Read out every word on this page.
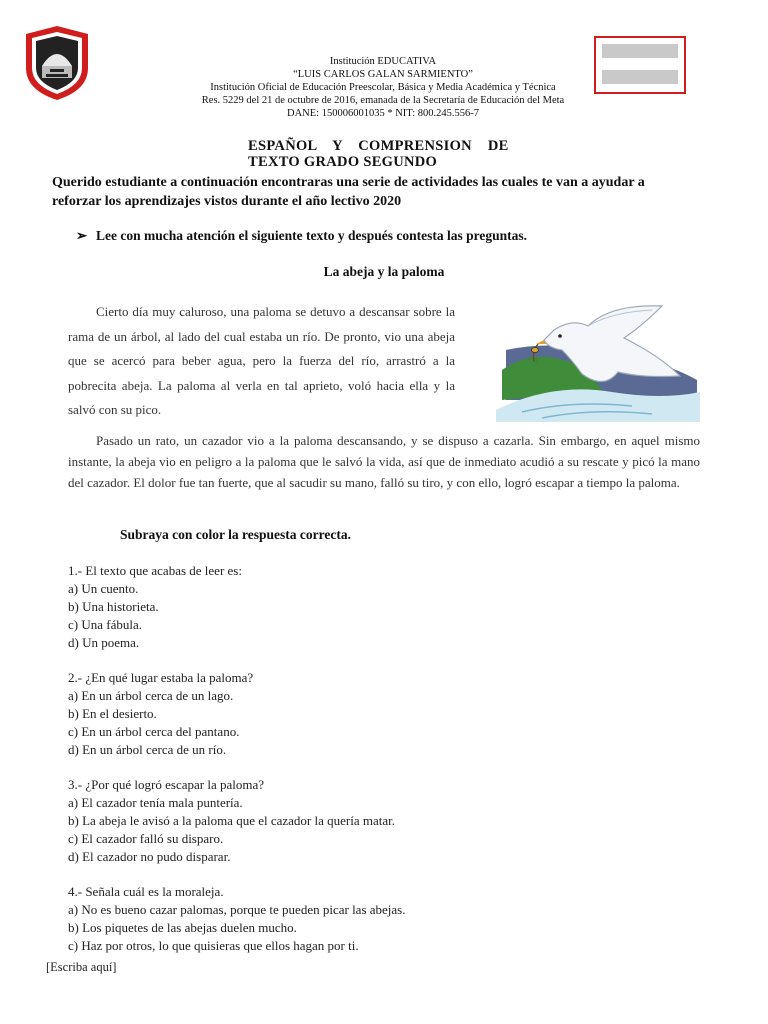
Institución EDUCATIVA
“LUIS CARLOS GALAN SARMIENTO”
Institución Oficial de Educación Preescolar, Básica y Media Académica y Técnica
Res. 5229 del 21 de octubre de 2016, emanada de la Secretaría de Educación del Meta
DANE: 150006001035 * NIT: 800.245.556-7
ESPAÑOL Y COMPRENSION DE
TEXTO GRADO SEGUNDO
Querido estudiante a continuación encontraras una serie de actividades las cuales te van a ayudar a reforzar los aprendizajes vistos durante el año lectivo 2020
➢ Lee con mucha atención el siguiente texto y después contesta las preguntas.
La abeja y la paloma
Cierto día muy caluroso, una paloma se detuvo a descansar sobre la rama de un árbol, al lado del cual estaba un río. De pronto, vio una abeja que se acercó para beber agua, pero la fuerza del río, arrastró a la pobrecita abeja. La paloma al verla en tal aprieto, voló hacia ella y la salvó con su pico.
Pasado un rato, un cazador vio a la paloma descansando, y se dispuso a cazarla. Sin embargo, en aquel mismo instante, la abeja vio en peligro a la paloma que le salvó la vida, así que de inmediato acudió a su rescate y picó la mano del cazador. El dolor fue tan fuerte, que al sacudir su mano, falló su tiro, y con ello, logró escapar a tiempo la paloma.
Subraya con color la respuesta correcta.
1.- El texto que acabas de leer es:
a) Un cuento.
b) Una historieta.
c) Una fábula.
d) Un poema.
2.- ¿En qué lugar estaba la paloma?
a) En un árbol cerca de un lago.
b) En el desierto.
c) En un árbol cerca del pantano.
d) En un árbol cerca de un río.
3.- ¿Por qué logró escapar la paloma?
a) El cazador tenía mala puntería.
b) La abeja le avisó a la paloma que el cazador la quería matar.
c) El cazador falló su disparo.
d) El cazador no pudo disparar.
4.- Señala cuál es la moraleja.
a) No es bueno cazar palomas, porque te pueden picar las abejas.
b) Los piquetes de las abejas duelen mucho.
c) Haz por otros, lo que quisieras que ellos hagan por ti.
[Escriba aquí]
